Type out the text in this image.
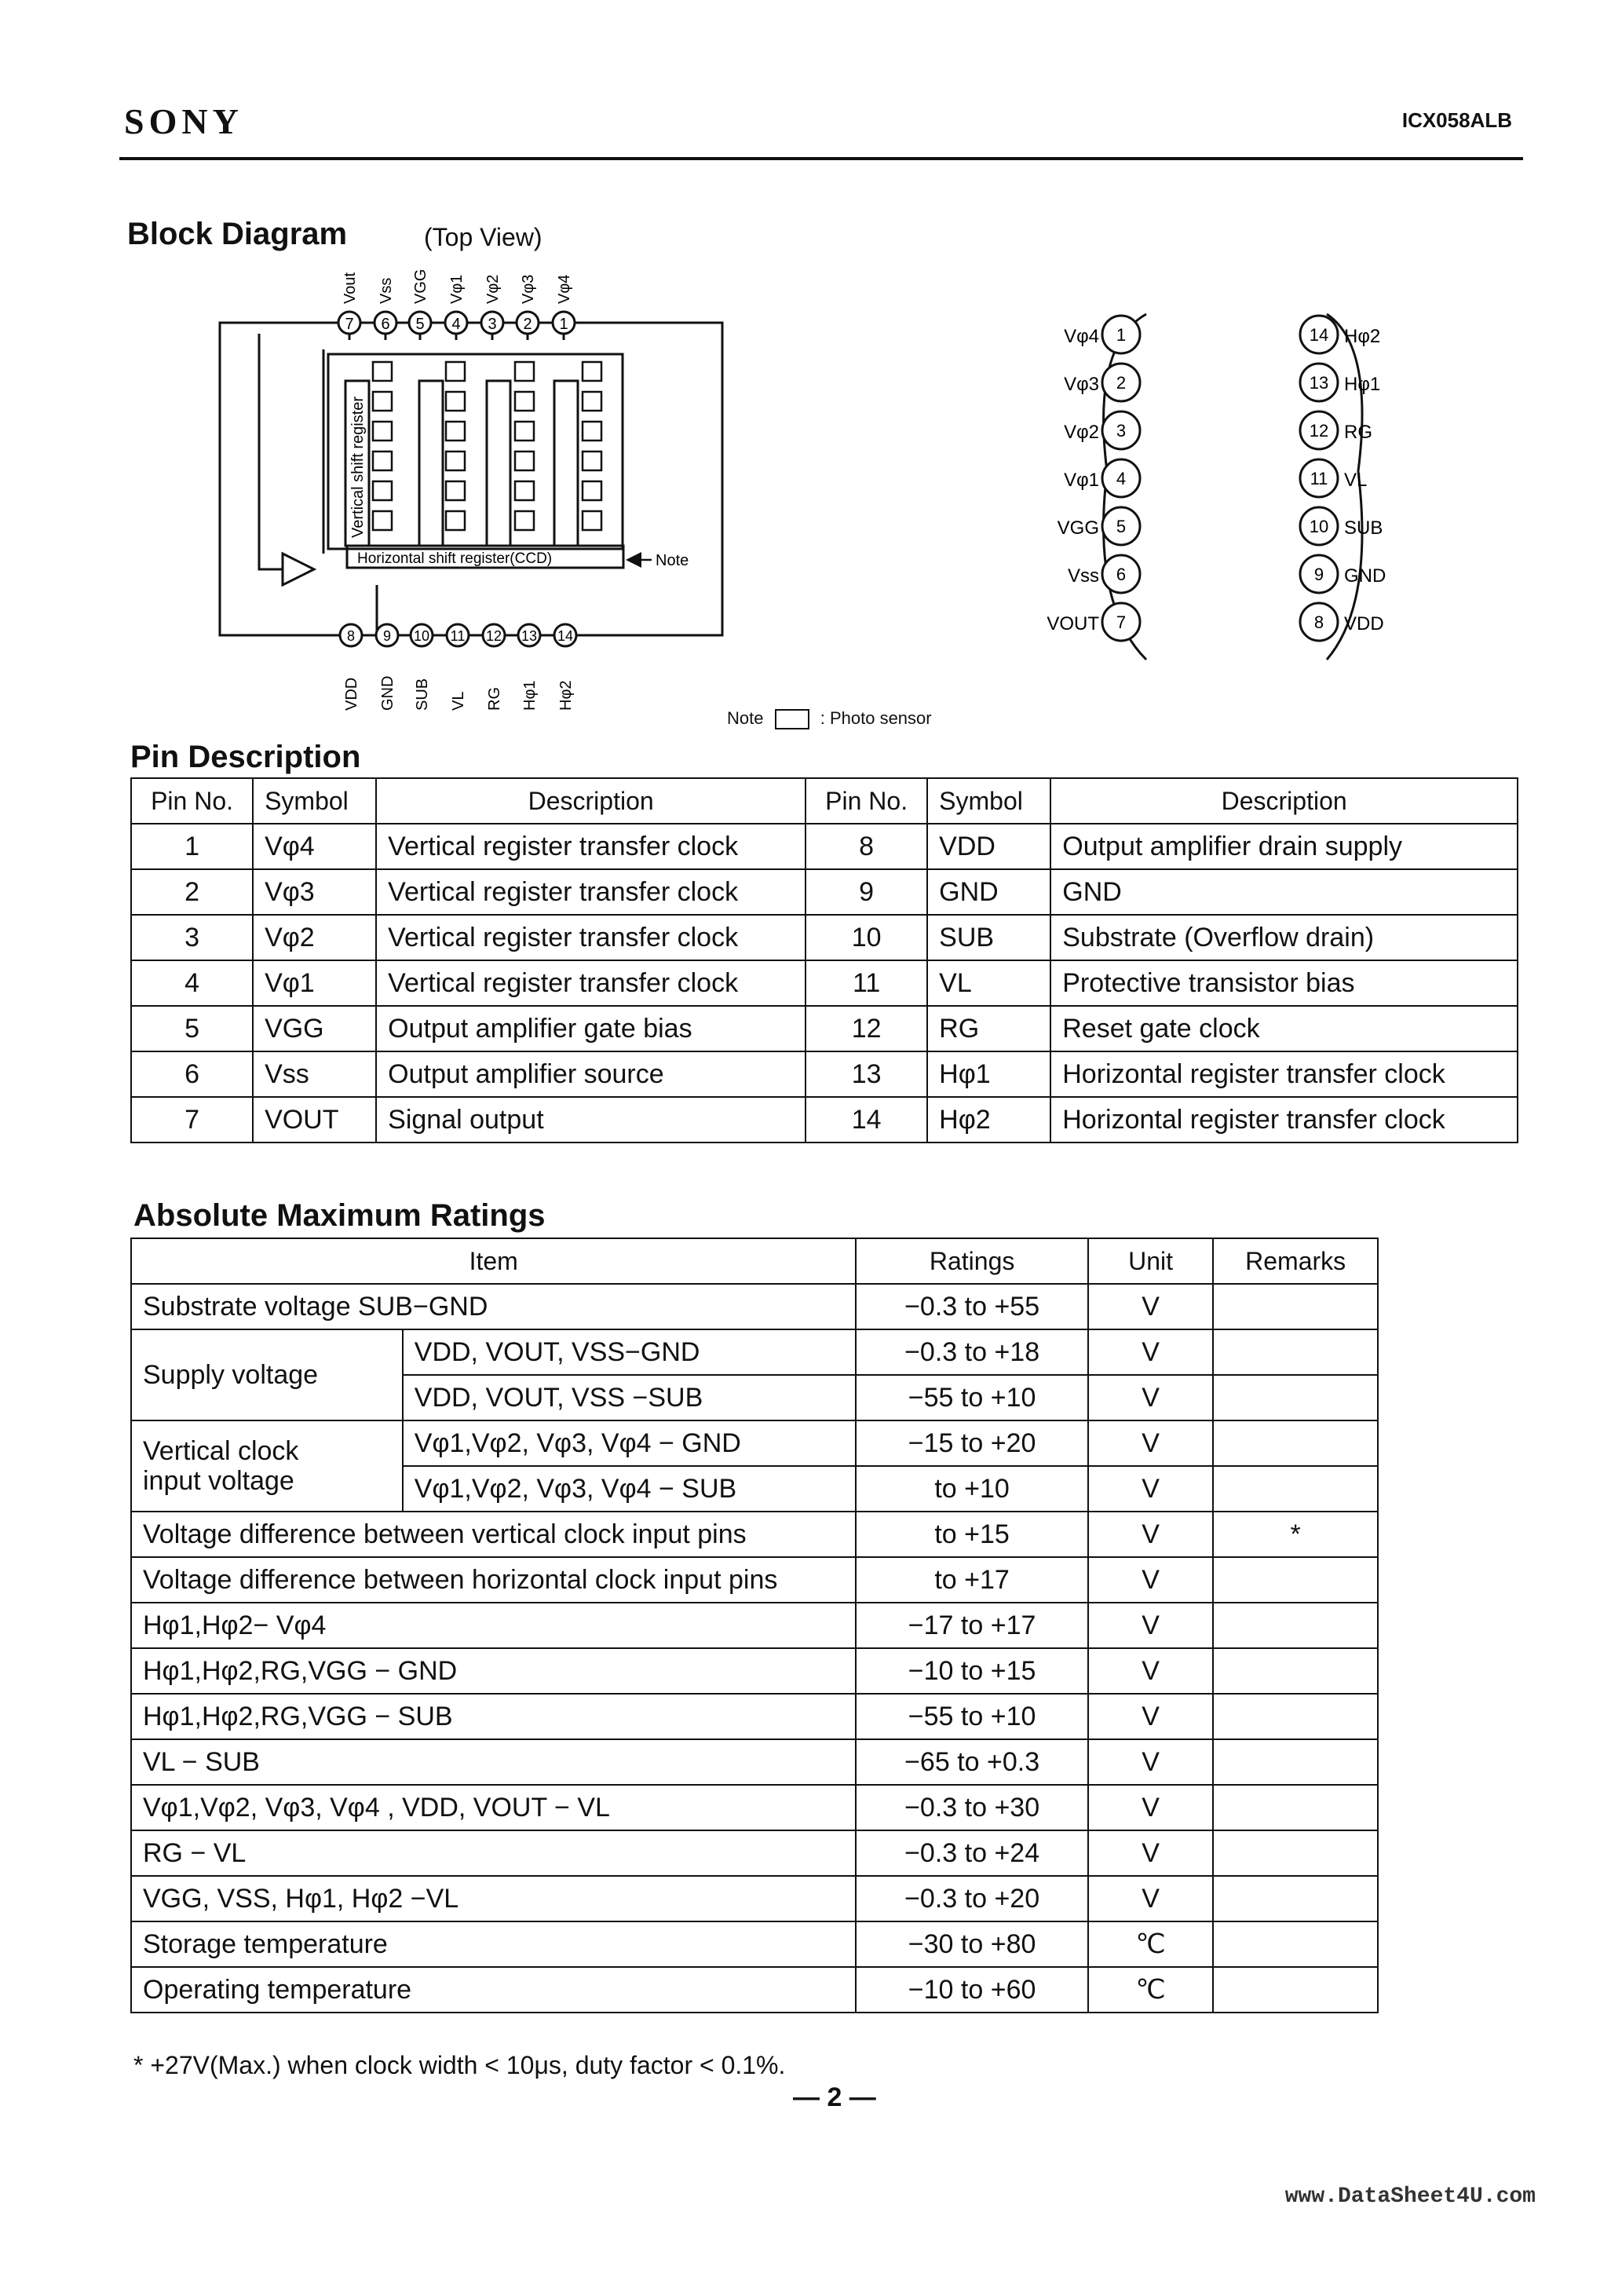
SONY	ICX058ALB
Block Diagram	(Top View)
7
Vout
6
Vss
5
VGG
4
Vφ1
3
Vφ2
2
Vφ3
1
Vφ4
8
VDD
9
GND
10
SUB
11
VL
12
RG
13
Hφ1
14
Hφ2
Vertical shift register
Horizontal shift register(CCD)	Note
Note	: Photo sensor
Vφ4 1
Vφ3 2
Vφ2 3
Vφ1 4
VGG 5
Vss 6
VOUT 7
14 Hφ2
13 Hφ1
12 RG
11 VL
10 SUB
9 GND
8 VDD
Pin Description
Pin No.	Symbol	Description	Pin No.	Symbol	Description
1	Vφ4	Vertical register transfer clock	8	VDD	Output amplifier drain supply
2	Vφ3	Vertical register transfer clock	9	GND	GND
3	Vφ2	Vertical register transfer clock	10	SUB	Substrate (Overflow drain)
4	Vφ1	Vertical register transfer clock	11	VL	Protective transistor bias
5	VGG	Output amplifier gate bias	12	RG	Reset gate clock
6	Vss	Output amplifier source	13	Hφ1	Horizontal register transfer clock
7	VOUT	Signal output	14	Hφ2	Horizontal register transfer clock
Absolute Maximum Ratings
Item		Ratings	Unit	Remarks
Substrate voltage SUB−GND		−0.3 to +55	V	
Supply voltage	VDD, VOUT, VSS−GND	−0.3 to +18	V	
	VDD, VOUT, VSS −SUB	−55 to +10	V	

Vertical clock
input voltage	Vφ1,Vφ2, Vφ3, Vφ4 − GND	−15 to +20	V	
	Vφ1,Vφ2, Vφ3, Vφ4 − SUB	to +10	V	
Voltage difference between vertical clock input pins		to +15	V	*
Voltage difference between horizontal clock input pins		to +17	V	
Hφ1,Hφ2− Vφ4		−17 to +17	V	
Hφ1,Hφ2,RG,VGG − GND		−10 to +15	V	
Hφ1,Hφ2,RG,VGG − SUB		−55 to +10	V	
VL − SUB		−65 to +0.3	V	
Vφ1,Vφ2, Vφ3, Vφ4 , VDD, VOUT − VL		−0.3 to +30	V	
RG − VL		−0.3 to +24	V	
VGG, VSS, Hφ1, Hφ2 −VL		−0.3 to +20	V	
Storage temperature		−30 to +80	℃	
Operating temperature		−10 to +60	℃	
* +27V(Max.) when clock width < 10μs, duty factor < 0.1%.
— 2 —
www.DataSheet4U.com
